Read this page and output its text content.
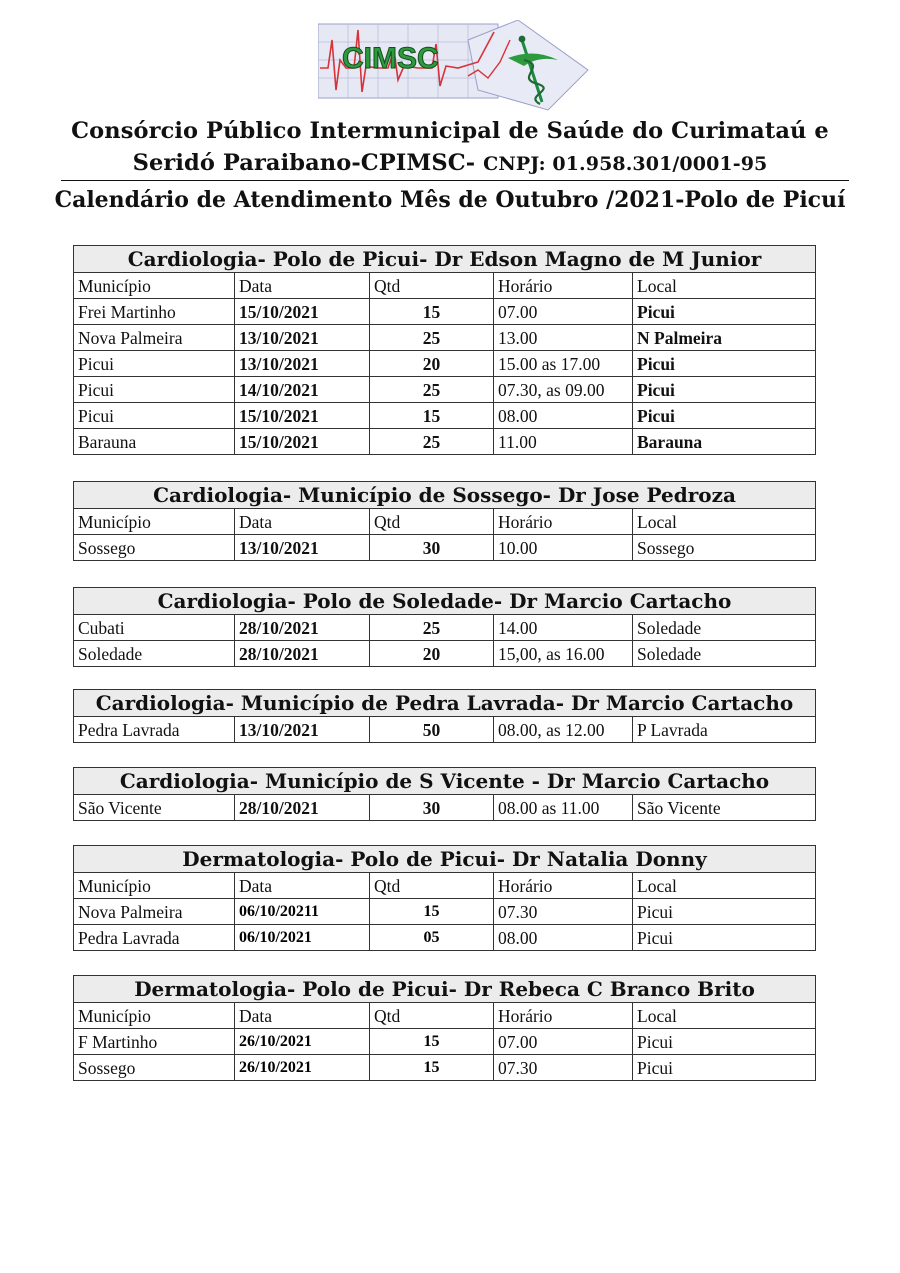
CIMSC
Consórcio Público Intermunicipal de Saúde do Curimataú e
Seridó Paraibano-CPIMSC- CNPJ: 01.958.301/0001-95
Calendário de Atendimento Mês de Outubro /2021-Polo de Picuí
Cardiologia- Polo de Picui- Dr Edson Magno de M Junior				
Município	Data	Qtd	Horário	Local
Frei Martinho	15/10/2021	15	07.00	Picui
Nova Palmeira	13/10/2021	25	13.00	N Palmeira
Picui	13/10/2021	20	15.00 as 17.00	Picui
Picui	14/10/2021	25	07.30, as 09.00	Picui
Picui	15/10/2021	15	08.00	Picui
Barauna	15/10/2021	25	11.00	Barauna
Cardiologia- Município de Sossego- Dr Jose Pedroza				
Município	Data	Qtd	Horário	Local
Sossego	13/10/2021	30	10.00	Sossego
Cardiologia- Polo de Soledade- Dr Marcio Cartacho				
Cubati	28/10/2021	25	14.00	Soledade
Soledade	28/10/2021	20	15,00, as 16.00	Soledade
Cardiologia- Município de Pedra Lavrada- Dr Marcio Cartacho
Pedra Lavrada	13/10/2021	50	08.00, as 12.00	P Lavrada
Cardiologia- Município de S Vicente - Dr Marcio Cartacho
São Vicente	28/10/2021	30	08.00 as 11.00	São Vicente
Dermatologia- Polo de Picui- Dr Natalia Donny				
Município	Data	Qtd	Horário	Local
Nova Palmeira	06/10/20211	15	07.30	Picui
Pedra Lavrada	06/10/2021	05	08.00	Picui
Dermatologia- Polo de Picui- Dr Rebeca C Branco Brito				
Município	Data	Qtd	Horário	Local
F Martinho	26/10/2021	15	07.00	Picui
Sossego	26/10/2021	15	07.30	Picui
